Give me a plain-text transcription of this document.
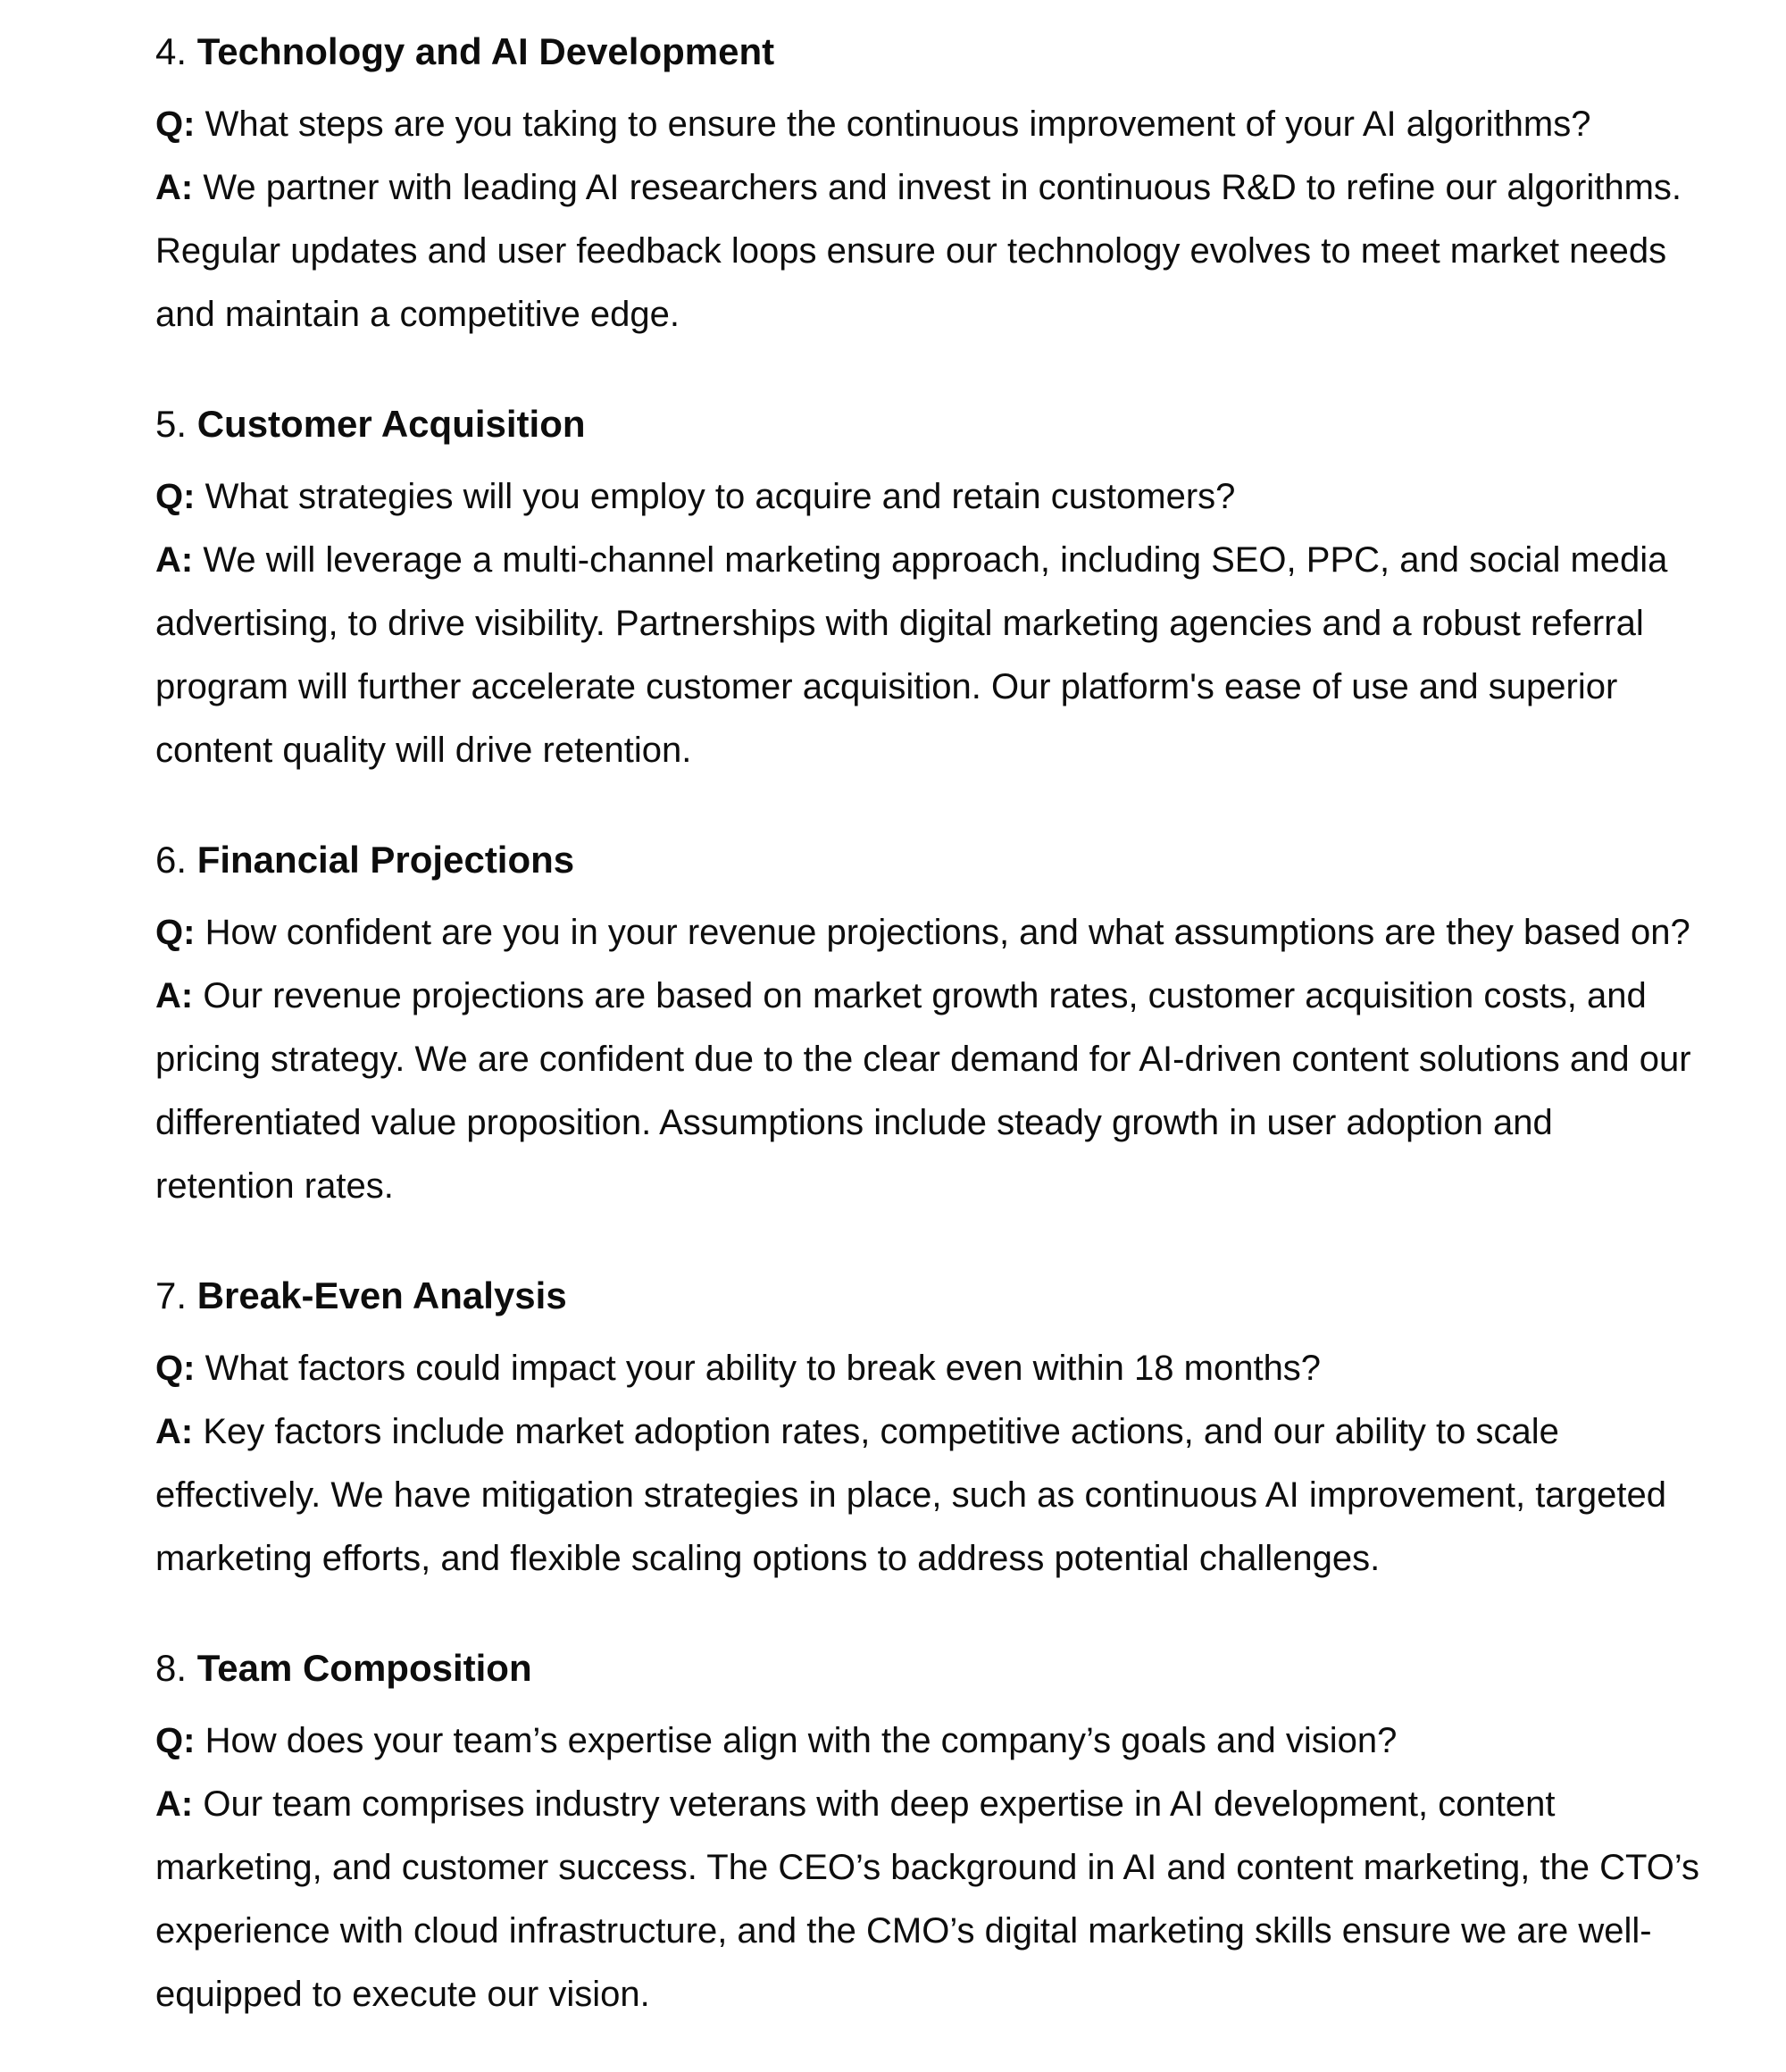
4. Technology and AI Development

Q: What steps are you taking to ensure the continuous improvement of your AI algorithms?

A: We partner with leading AI researchers and invest in continuous R&D to refine our algorithms.
Regular updates and user feedback loops ensure our technology evolves to meet market needs
and maintain a competitive edge.

5. Customer Acquisition

Q: What strategies will you employ to acquire and retain customers?

A: We will leverage a multi-channel marketing approach, including SEO, PPC, and social media
advertising, to drive visibility. Partnerships with digital marketing agencies and a robust referral
program will further accelerate customer acquisition. Our platform's ease of use and superior
content quality will drive retention.

6. Financial Projections

Q: How confident are you in your revenue projections, and what assumptions are they based on?

A: Our revenue projections are based on market growth rates, customer acquisition costs, and
pricing strategy. We are confident due to the clear demand for AI-driven content solutions and our
differentiated value proposition. Assumptions include steady growth in user adoption and
retention rates.

7. Break-Even Analysis

Q: What factors could impact your ability to break even within 18 months?

A: Key factors include market adoption rates, competitive actions, and our ability to scale
effectively. We have mitigation strategies in place, such as continuous AI improvement, targeted
marketing efforts, and flexible scaling options to address potential challenges.

8. Team Composition

Q: How does your team’s expertise align with the company’s goals and vision?

A: Our team comprises industry veterans with deep expertise in AI development, content
marketing, and customer success. The CEO’s background in AI and content marketing, the CTO’s
experience with cloud infrastructure, and the CMO’s digital marketing skills ensure we are well-
equipped to execute our vision.
